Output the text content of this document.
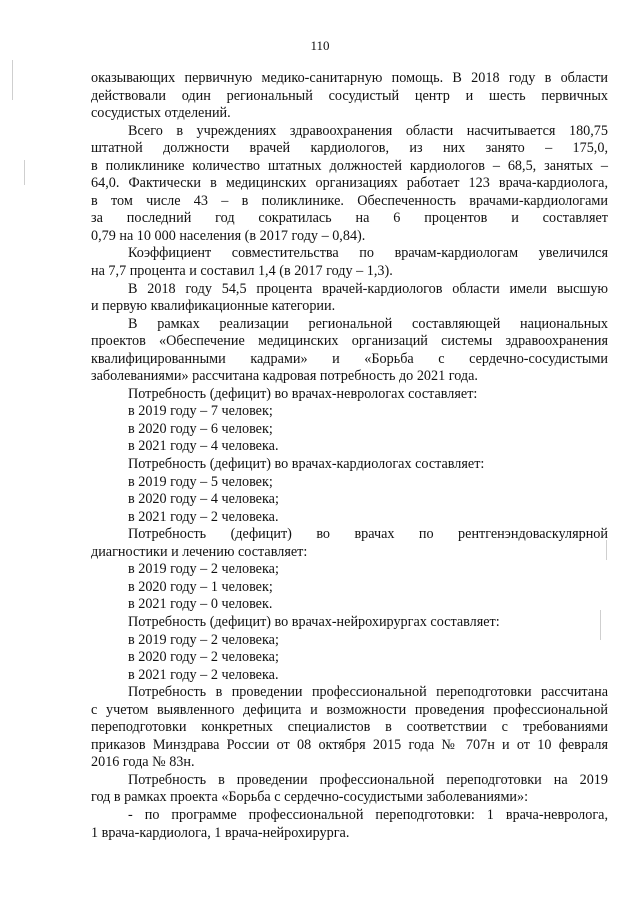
110

оказывающих первичную медико-санитарную помощь. В 2018 году в области

действовали один региональный сосудистый центр и шесть первичных

сосудистых отделений.

Всего в учреждениях здравоохранения области насчитывается 180,75

штатной должности врачей кардиологов, из них занято – 175,0,

в поликлинике количество штатных должностей кардиологов – 68,5, занятых –

64,0. Фактически в медицинских организациях работает 123 врача-кардиолога,

в том числе 43 – в поликлинике. Обеспеченность врачами-кардиологами

за последний год сократилась на 6 процентов и составляет

0,79 на 10 000 населения (в 2017 году – 0,84).

Коэффициент совместительства по врачам-кардиологам увеличился

на 7,7 процента и составил 1,4 (в 2017 году – 1,3).

В 2018 году 54,5 процента врачей-кардиологов области имели высшую

и первую квалификационные категории.

В рамках реализации региональной составляющей национальных

проектов «Обеспечение медицинских организаций системы здравоохранения

квалифицированными кадрами» и «Борьба с сердечно-сосудистыми

заболеваниями» рассчитана кадровая потребность до 2021 года.

Потребность (дефицит) во врачах-неврологах составляет:

в 2019 году – 7 человек;

в 2020 году – 6 человек;

в 2021 году – 4 человека.

Потребность (дефицит) во врачах-кардиологах составляет:

в 2019 году – 5 человек;

в 2020 году – 4 человека;

в 2021 году – 2 человека.

Потребность (дефицит) во врачах по рентгенэндоваскулярной

диагностики и лечению составляет:

в 2019 году – 2 человека;

в 2020 году – 1 человек;

в 2021 году – 0 человек.

Потребность (дефицит) во врачах-нейрохирургах составляет:

в 2019 году – 2 человека;

в 2020 году – 2 человека;

в 2021 году – 2 человека.

Потребность в проведении профессиональной переподготовки рассчитана

с учетом выявленного дефицита и возможности проведения профессиональной

переподготовки конкретных специалистов в соответствии с требованиями

приказов Минздрава России от 08 октября 2015 года № 707н и от 10 февраля

2016 года № 83н.

Потребность в проведении профессиональной переподготовки на 2019

год в рамках проекта «Борьба с сердечно-сосудистыми заболеваниями»:

- по программе профессиональной переподготовки: 1 врача-невролога,

1 врача-кардиолога, 1 врача-нейрохирурга.
